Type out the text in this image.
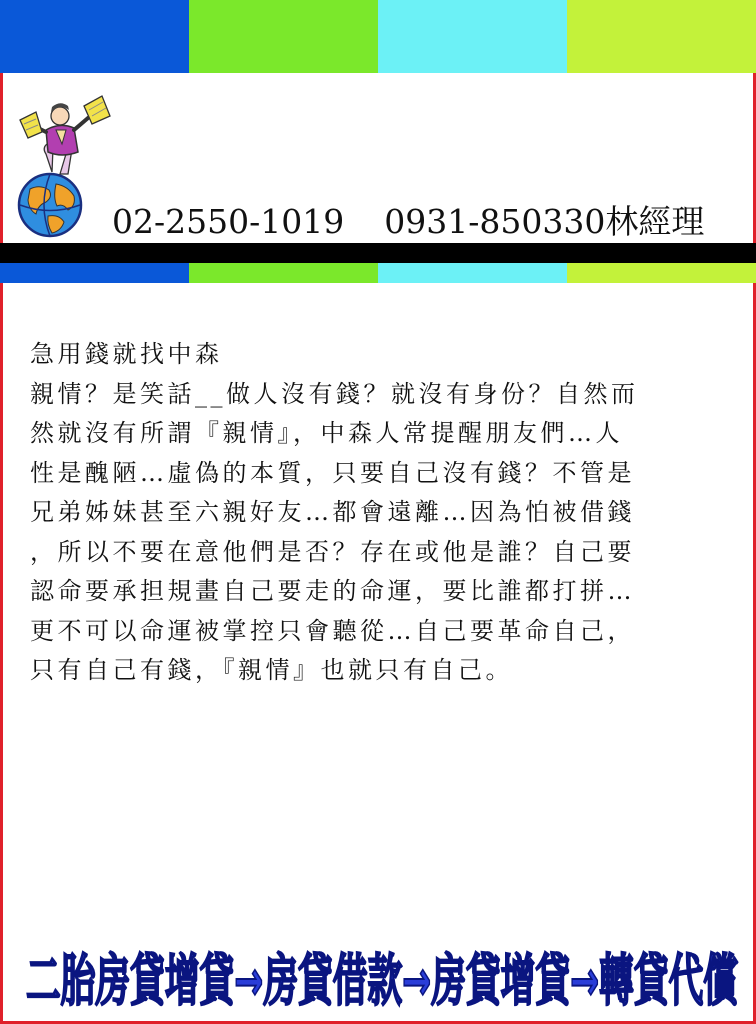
02-2550-1019 0931-850330林經理

急用錢就找中森

親情？是笑話__做人沒有錢？就沒有身份？自然而

然就沒有所謂『親情』，中森人常提醒朋友們…人

性是醜陋…虛偽的本質，只要自己沒有錢？不管是

兄弟姊妹甚至六親好友…都會遠離…因為怕被借錢

，所以不要在意他們是否？存在或他是誰？自己要

認命要承担規畫自己要走的命運，要比誰都打拼…

更不可以命運被掌控只會聽從…自己要革命自己，

只有自己有錢，『親情』也就只有自己。

二胎房貸增貸→房貸借款→房貸增貸→轉貸代償
